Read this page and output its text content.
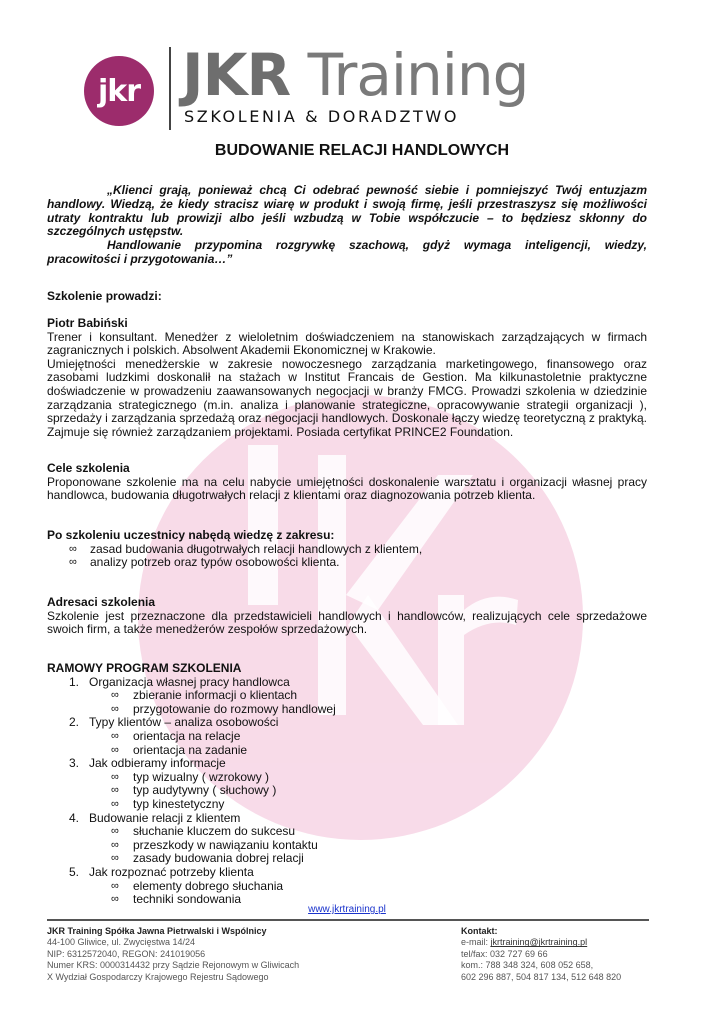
jkr JKR Training
SZKOLENIA & DORADZTWO
BUDOWANIE RELACJI HANDLOWYCH

„Klienci grają, ponieważ chcą Ci odebrać pewność siebie i pomniejszyć Twój entuzjazm handlowy. Wiedzą, że kiedy stracisz wiarę w produkt i swoją firmę, jeśli przestraszysz się możliwości utraty kontraktu lub prowizji albo jeśli wzbudzą w Tobie współczucie – to będziesz skłonny do szczególnych ustępstw.

Handlowanie przypomina rozgrywkę szachową, gdyż wymaga inteligencji, wiedzy, pracowitości i przygotowania…”

Szkolenie prowadzi:
Piotr Babiński

Trener i konsultant. Menedżer z wieloletnim doświadczeniem na stanowiskach zarządzających w firmach zagranicznych i polskich. Absolwent Akademii Ekonomicznej w Krakowie.

Umiejętności menedżerskie w zakresie nowoczesnego zarządzania marketingowego, finansowego oraz zasobami ludzkimi doskonalił na stażach w Institut Francais de Gestion. Ma kilkunastoletnie praktyczne doświadczenie w prowadzeniu zaawansowanych negocjacji w branży FMCG. Prowadzi szkolenia w dziedzinie zarządzania strategicznego (m.in. analiza i planowanie strategiczne, opracowywanie strategii organizacji ), sprzedaży i zarządzania sprzedażą oraz negocjacji handlowych. Doskonale łączy wiedzę teoretyczną z praktyką. Zajmuje się również zarządzaniem projektami. Posiada certyfikat PRINCE2 Foundation.

Cele szkolenia

Proponowane szkolenie ma na celu nabycie umiejętności doskonalenie warsztatu i organizacji własnej pracy handlowca, budowania długotrwałych relacji z klientami oraz diagnozowania potrzeb klienta.

Po szkoleniu uczestnicy nabędą wiedzę z zakresu:
∞ zasad budowania długotrwałych relacji handlowych z klientem,
∞ analizy potrzeb oraz typów osobowości klienta.
Adresaci szkolenia

Szkolenie jest przeznaczone dla przedstawicieli handlowych i handlowców, realizujących cele sprzedażowe swoich firm, a także menedżerów zespołów sprzedażowych.

RAMOWY PROGRAM SZKOLENIA
1. Organizacja własnej pracy handlowca
∞ zbieranie informacji o klientach
∞ przygotowanie do rozmowy handlowej
2. Typy klientów – analiza osobowości
∞ orientacja na relacje
∞ orientacja na zadanie
3. Jak odbieramy informacje
∞ typ wizualny ( wzrokowy )
∞ typ audytywny ( słuchowy )
∞ typ kinestetyczny
4. Budowanie relacji z klientem
∞ słuchanie kluczem do sukcesu
∞ przeszkody w nawiązaniu kontaktu
∞ zasady budowania dobrej relacji
5. Jak rozpoznać potrzeby klienta
∞ elementy dobrego słuchania
∞ techniki sondowania
www.jkrtraining.pl
JKR Training Spółka Jawna Pietrwalski i Wspólnicy
44-100 Gliwice, ul. Zwycięstwa 14/24
NIP: 6312572040, REGON: 241019056
Numer KRS: 0000314432 przy Sądzie Rejonowym w Gliwicach
X Wydział Gospodarczy Krajowego Rejestru Sądowego
Kontakt:
e-mail: jkrtraining@jkrtraining.pl
tel/fax: 032 727 69 66
kom.: 788 348 324, 608 052 658,
602 296 887, 504 817 134, 512 648 820
